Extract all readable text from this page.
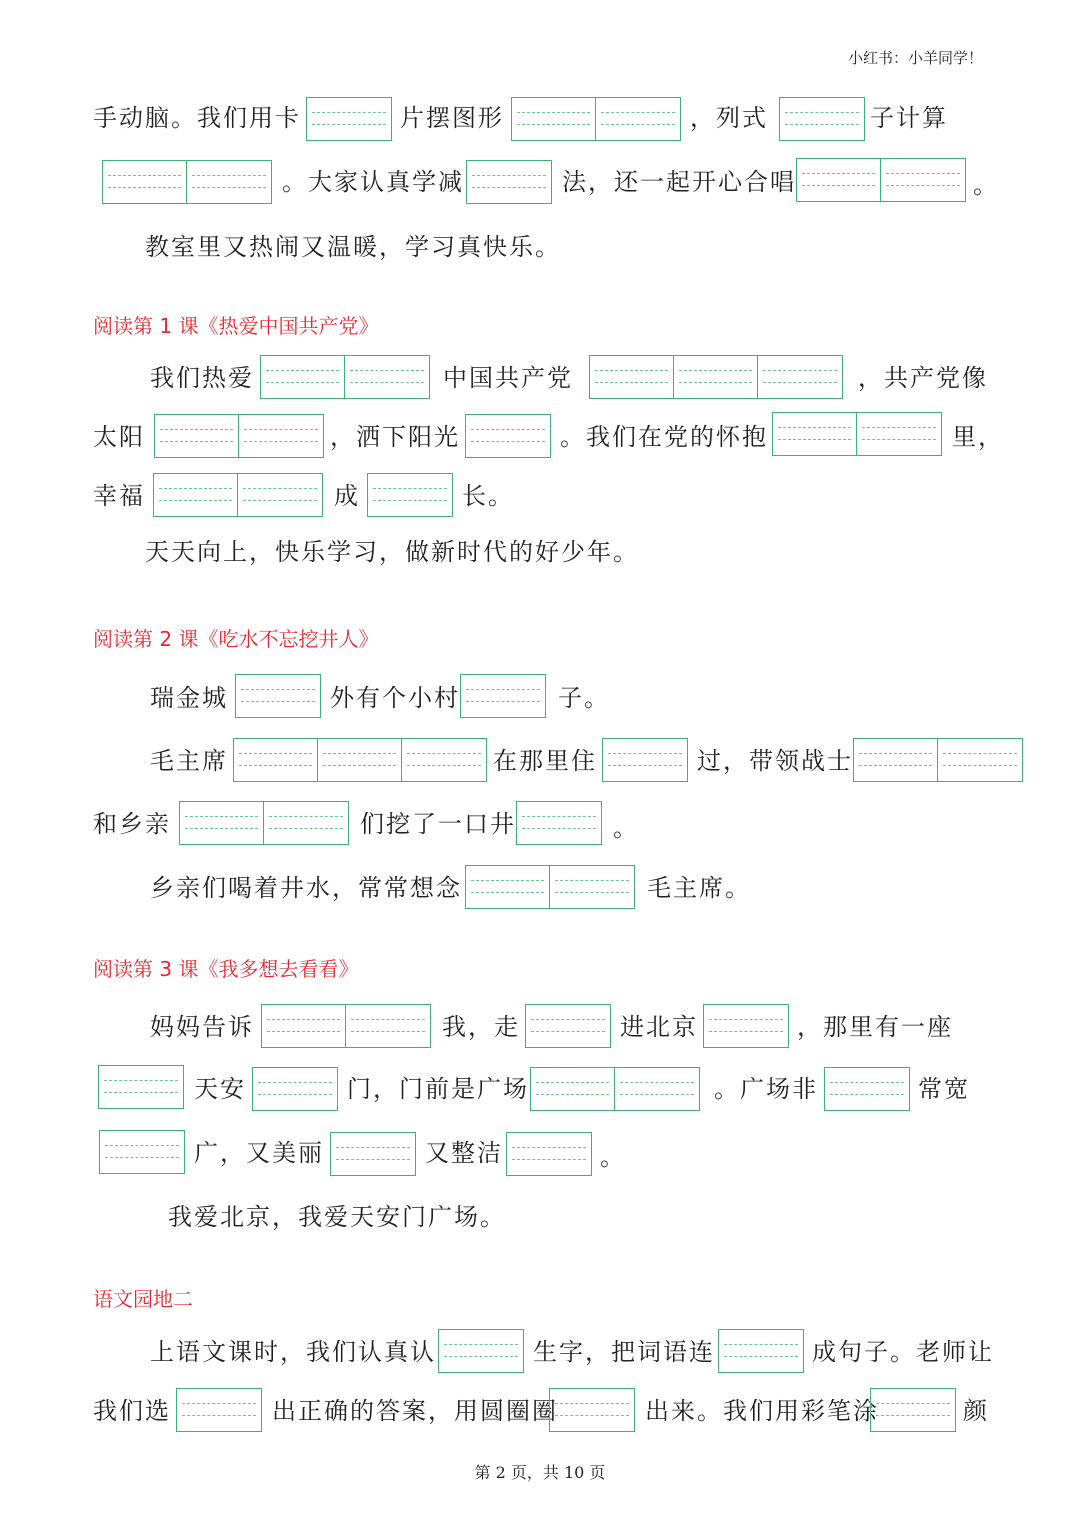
小红书：小羊同学！
手动脑。我们用卡	片摆图形	，列式	子计算
。大家认真学减	法，还一起开心合唱	。
教室里又热闹又温暖，学习真快乐。
阅读第 1 课《热爱中国共产党》
我们热爱	中国共产党	，共产党像
太阳	，洒下阳光	。我们在党的怀抱	里，
幸福	成	长。
天天向上，快乐学习，做新时代的好少年。
阅读第 2 课《吃水不忘挖井人》
瑞金城	外有个小村	子。
毛主席	在那里住	过，带领战士
和乡亲	们挖了一口井	。
乡亲们喝着井水，常常想念	毛主席。
阅读第 3 课《我多想去看看》
妈妈告诉	我，走	进北京	，那里有一座
天安	门，门前是广场	。广场非	常宽
广，又美丽	又整洁	。
我爱北京，我爱天安门广场。
语文园地二
上语文课时，我们认真认	生字，把词语连	成句子。老师让
我们选	出正确的答案，用圆圈圈	出来。我们用彩笔涂	颜
第 2 页，共 10 页
